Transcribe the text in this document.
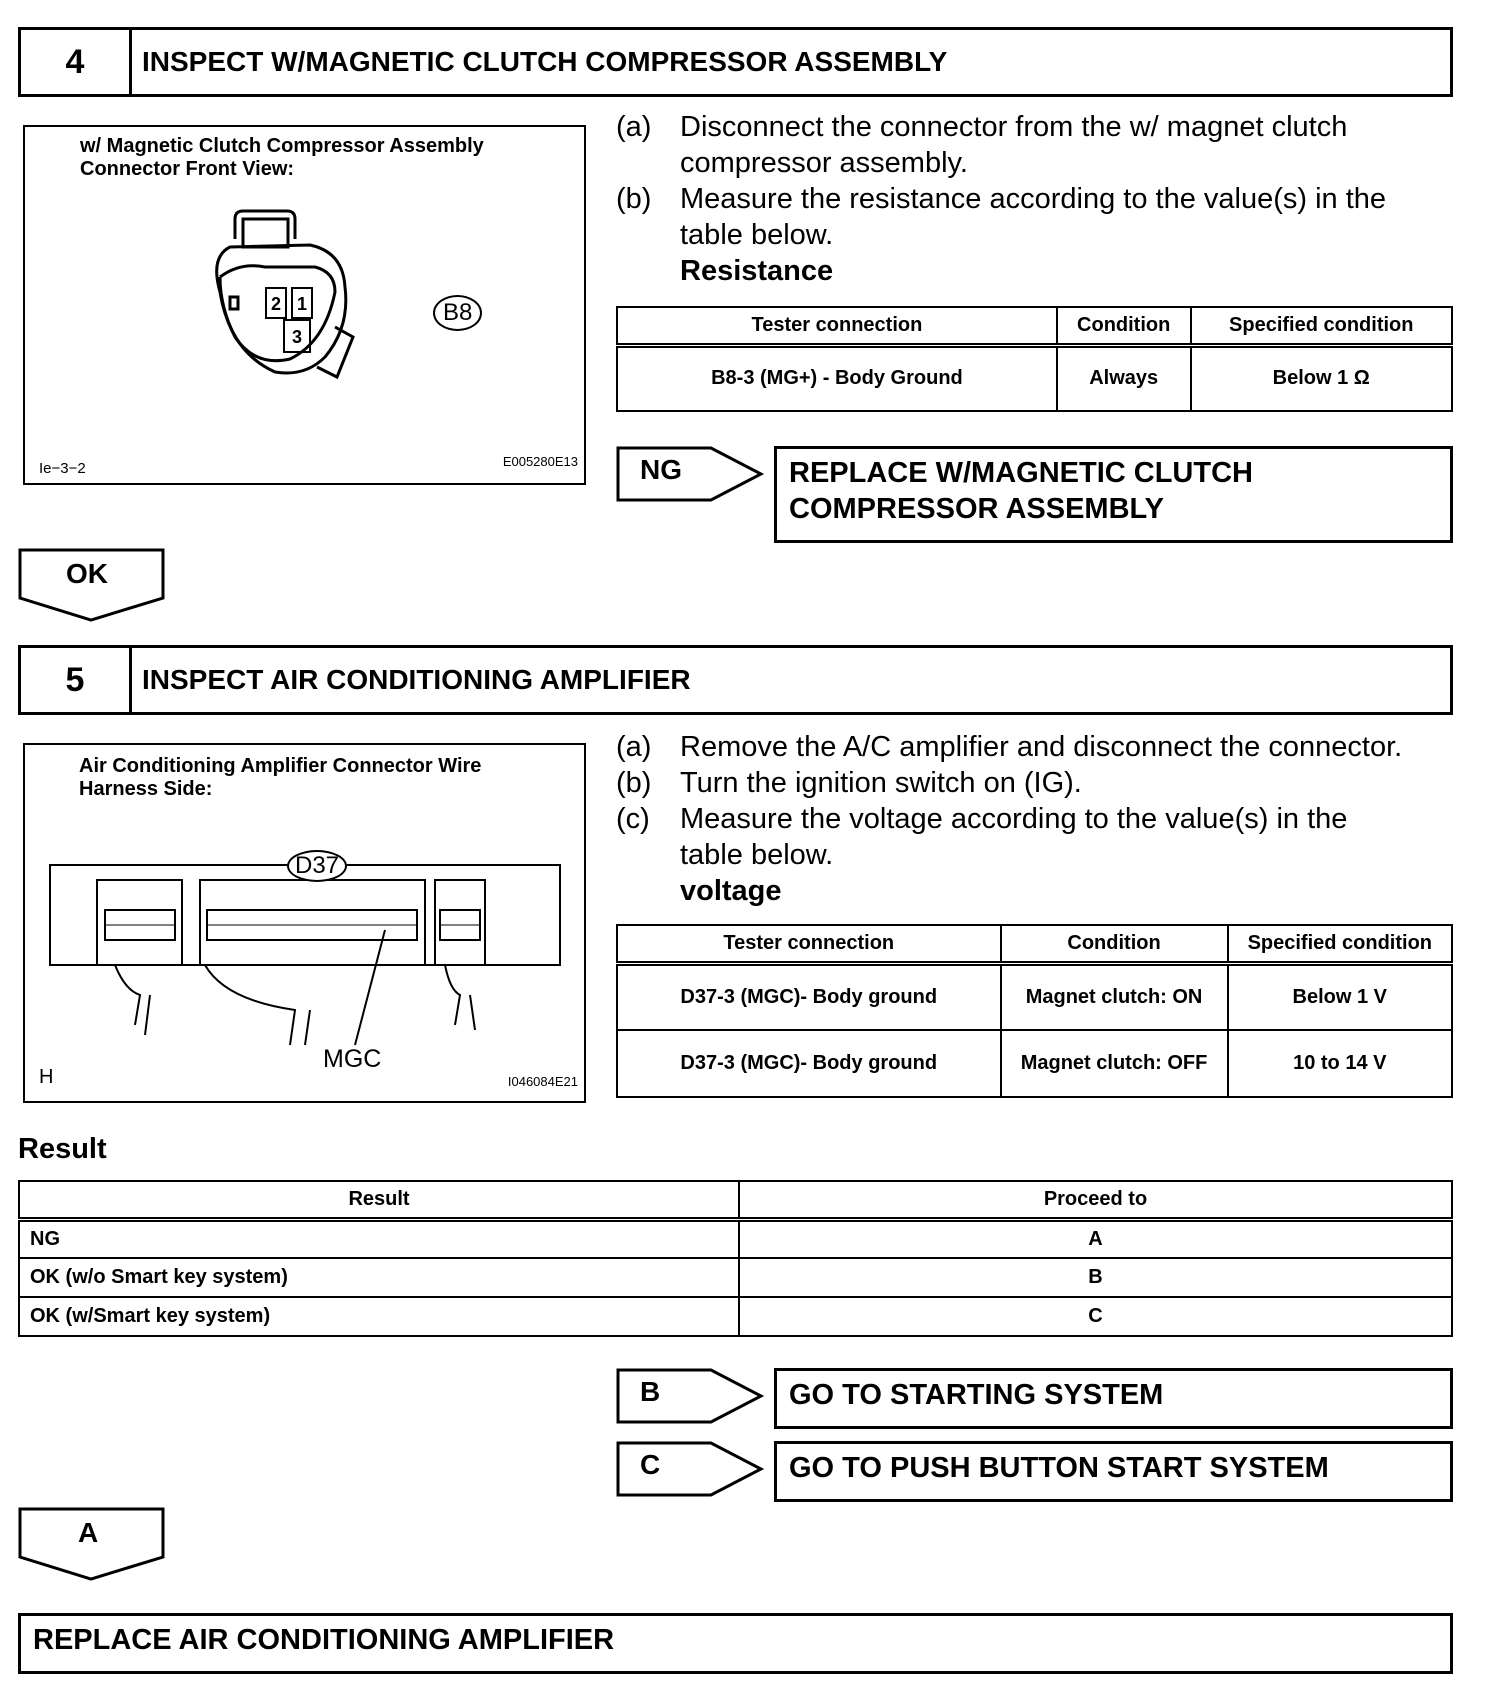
4	INSPECT W/MAGNETIC CLUTCH COMPRESSOR ASSEMBLY
w/ Magnetic Clutch Compressor Assembly
Connector Front View:
2 1
3
B8
Ie−3−2	E005280E13
(a) Disconnect the connector from the w/ magnet clutch compressor assembly.
(b) Measure the resistance according to the value(s) in the table below.
Resistance
Tester connection	Condition	Specified condition
B8-3 (MG+) - Body Ground	Always	Below 1 Ω
NG	REPLACE W/MAGNETIC CLUTCH COMPRESSOR ASSEMBLY
OK
5	INSPECT AIR CONDITIONING AMPLIFIER
Air Conditioning Amplifier Connector Wire
Harness Side:
D37
MGC
H	I046084E21
(a) Remove the A/C amplifier and disconnect the connector.
(b) Turn the ignition switch on (IG).
(c)	Measure the voltage according to the value(s) in the table below.
voltage
Tester connection	Condition	Specified condition
D37-3 (MGC)- Body ground	Magnet clutch: ON	Below 1 V
D37-3 (MGC)- Body ground	Magnet clutch: OFF	10 to 14 V
Result
Result	Proceed to
NG	A
OK (w/o Smart key system)	B
OK (w/Smart key system)	C
B	GO TO STARTING SYSTEM
C	GO TO PUSH BUTTON START SYSTEM
A
REPLACE AIR CONDITIONING AMPLIFIER
